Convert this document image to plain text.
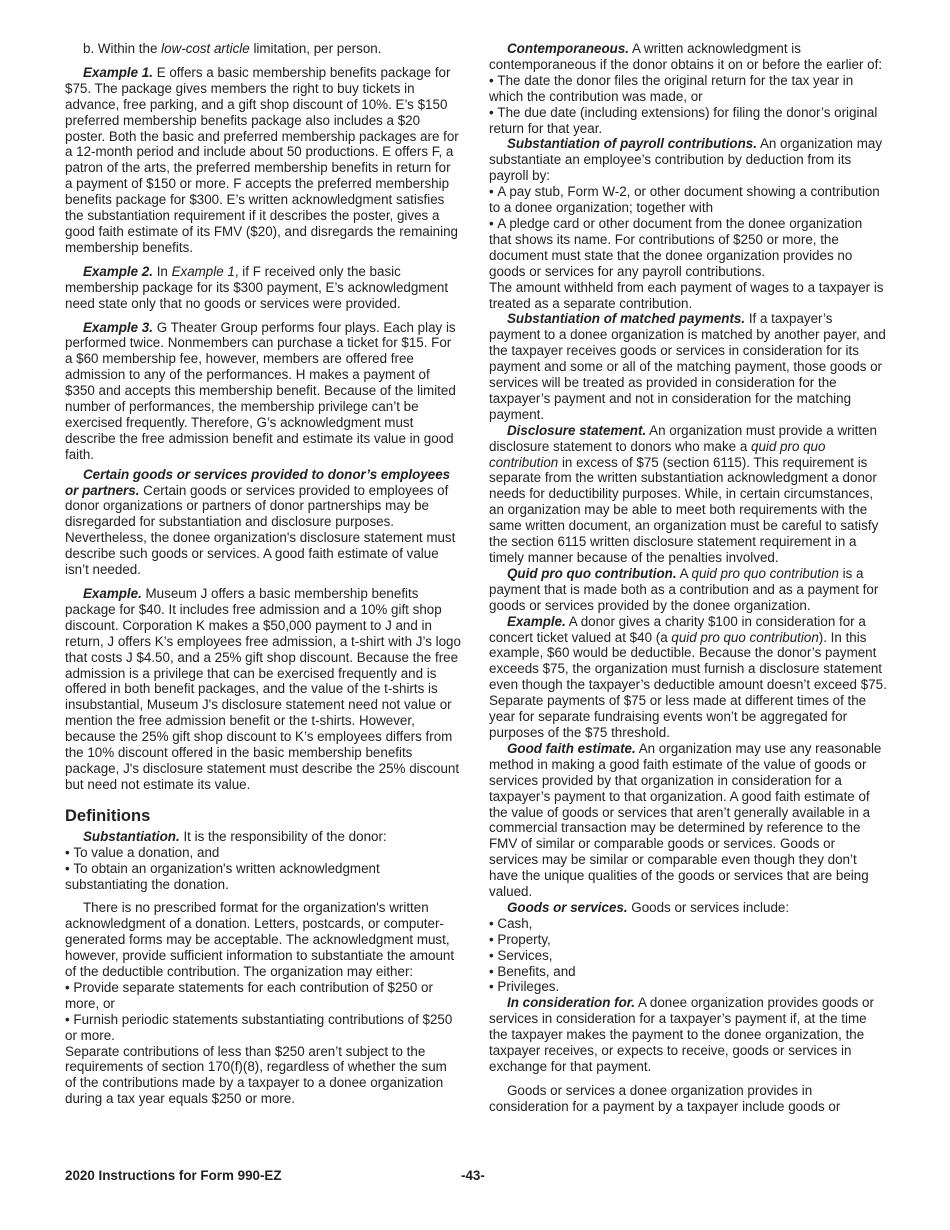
b. Within the low-cost article limitation, per person.

Example 1. E offers a basic membership benefits package for $75. The package gives members the right to buy tickets in advance, free parking, and a gift shop discount of 10%. E’s $150 preferred membership benefits package also includes a $20 poster. Both the basic and preferred membership packages are for a 12-month period and include about 50 productions. E offers F, a patron of the arts, the preferred membership benefits in return for a payment of $150 or more. F accepts the preferred membership benefits package for $300. E’s written acknowledgment satisfies the substantiation requirement if it describes the poster, gives a good faith estimate of its FMV ($20), and disregards the remaining membership benefits.

Example 2. In Example 1, if F received only the basic membership package for its $300 payment, E’s acknowledgment need state only that no goods or services were provided.

Example 3. G Theater Group performs four plays. Each play is performed twice. Nonmembers can purchase a ticket for $15. For a $60 membership fee, however, members are offered free admission to any of the performances. H makes a payment of $350 and accepts this membership benefit. Because of the limited number of performances, the membership privilege can’t be exercised frequently. Therefore, G’s acknowledgment must describe the free admission benefit and estimate its value in good faith.

Certain goods or services provided to donor’s employees or partners. Certain goods or services provided to employees of donor organizations or partners of donor partnerships may be disregarded for substantiation and disclosure purposes. Nevertheless, the donee organization's disclosure statement must describe such goods or services. A good faith estimate of value isn’t needed.

Example. Museum J offers a basic membership benefits package for $40. It includes free admission and a 10% gift shop discount. Corporation K makes a $50,000 payment to J and in return, J offers K’s employees free admission, a t-shirt with J’s logo that costs J $4.50, and a 25% gift shop discount. Because the free admission is a privilege that can be exercised frequently and is offered in both benefit packages, and the value of the t-shirts is insubstantial, Museum J's disclosure statement need not value or mention the free admission benefit or the t-shirts. However, because the 25% gift shop discount to K’s employees differs from the 10% discount offered in the basic membership benefits package, J's disclosure statement must describe the 25% discount but need not estimate its value.

Definitions

Substantiation. It is the responsibility of the donor:

• To value a donation, and

• To obtain an organization's written acknowledgment substantiating the donation.

There is no prescribed format for the organization's written acknowledgment of a donation. Letters, postcards, or computer-generated forms may be acceptable. The acknowledgment must, however, provide sufficient information to substantiate the amount of the deductible contribution. The organization may either:

• Provide separate statements for each contribution of $250 or more, or

• Furnish periodic statements substantiating contributions of $250 or more.

Separate contributions of less than $250 aren’t subject to the requirements of section 170(f)(8), regardless of whether the sum of the contributions made by a taxpayer to a donee organization during a tax year equals $250 or more.

Contemporaneous. A written acknowledgment is contemporaneous if the donor obtains it on or before the earlier of:

• The date the donor files the original return for the tax year in which the contribution was made, or

• The due date (including extensions) for filing the donor’s original return for that year.

Substantiation of payroll contributions. An organization may substantiate an employee’s contribution by deduction from its payroll by:

• A pay stub, Form W-2, or other document showing a contribution to a donee organization; together with

• A pledge card or other document from the donee organization that shows its name. For contributions of $250 or more, the document must state that the donee organization provides no goods or services for any payroll contributions.

The amount withheld from each payment of wages to a taxpayer is treated as a separate contribution.

Substantiation of matched payments. If a taxpayer’s payment to a donee organization is matched by another payer, and the taxpayer receives goods or services in consideration for its payment and some or all of the matching payment, those goods or services will be treated as provided in consideration for the taxpayer’s payment and not in consideration for the matching payment.

Disclosure statement. An organization must provide a written disclosure statement to donors who make a quid pro quo contribution in excess of $75 (section 6115). This requirement is separate from the written substantiation acknowledgment a donor needs for deductibility purposes. While, in certain circumstances, an organization may be able to meet both requirements with the same written document, an organization must be careful to satisfy the section 6115 written disclosure statement requirement in a timely manner because of the penalties involved.

Quid pro quo contribution. A quid pro quo contribution is a payment that is made both as a contribution and as a payment for goods or services provided by the donee organization.

Example. A donor gives a charity $100 in consideration for a concert ticket valued at $40 (a quid pro quo contribution). In this example, $60 would be deductible. Because the donor’s payment exceeds $75, the organization must furnish a disclosure statement even though the taxpayer’s deductible amount doesn’t exceed $75. Separate payments of $75 or less made at different times of the year for separate fundraising events won’t be aggregated for purposes of the $75 threshold.

Good faith estimate. An organization may use any reasonable method in making a good faith estimate of the value of goods or services provided by that organization in consideration for a taxpayer’s payment to that organization. A good faith estimate of the value of goods or services that aren’t generally available in a commercial transaction may be determined by reference to the FMV of similar or comparable goods or services. Goods or services may be similar or comparable even though they don’t have the unique qualities of the goods or services that are being valued.

Goods or services. Goods or services include:

• Cash,

• Property,

• Services,

• Benefits, and

• Privileges.

In consideration for. A donee organization provides goods or services in consideration for a taxpayer’s payment if, at the time the taxpayer makes the payment to the donee organization, the taxpayer receives, or expects to receive, goods or services in exchange for that payment.

Goods or services a donee organization provides in consideration for a payment by a taxpayer include goods or

2020 Instructions for Form 990-EZ	-43-
